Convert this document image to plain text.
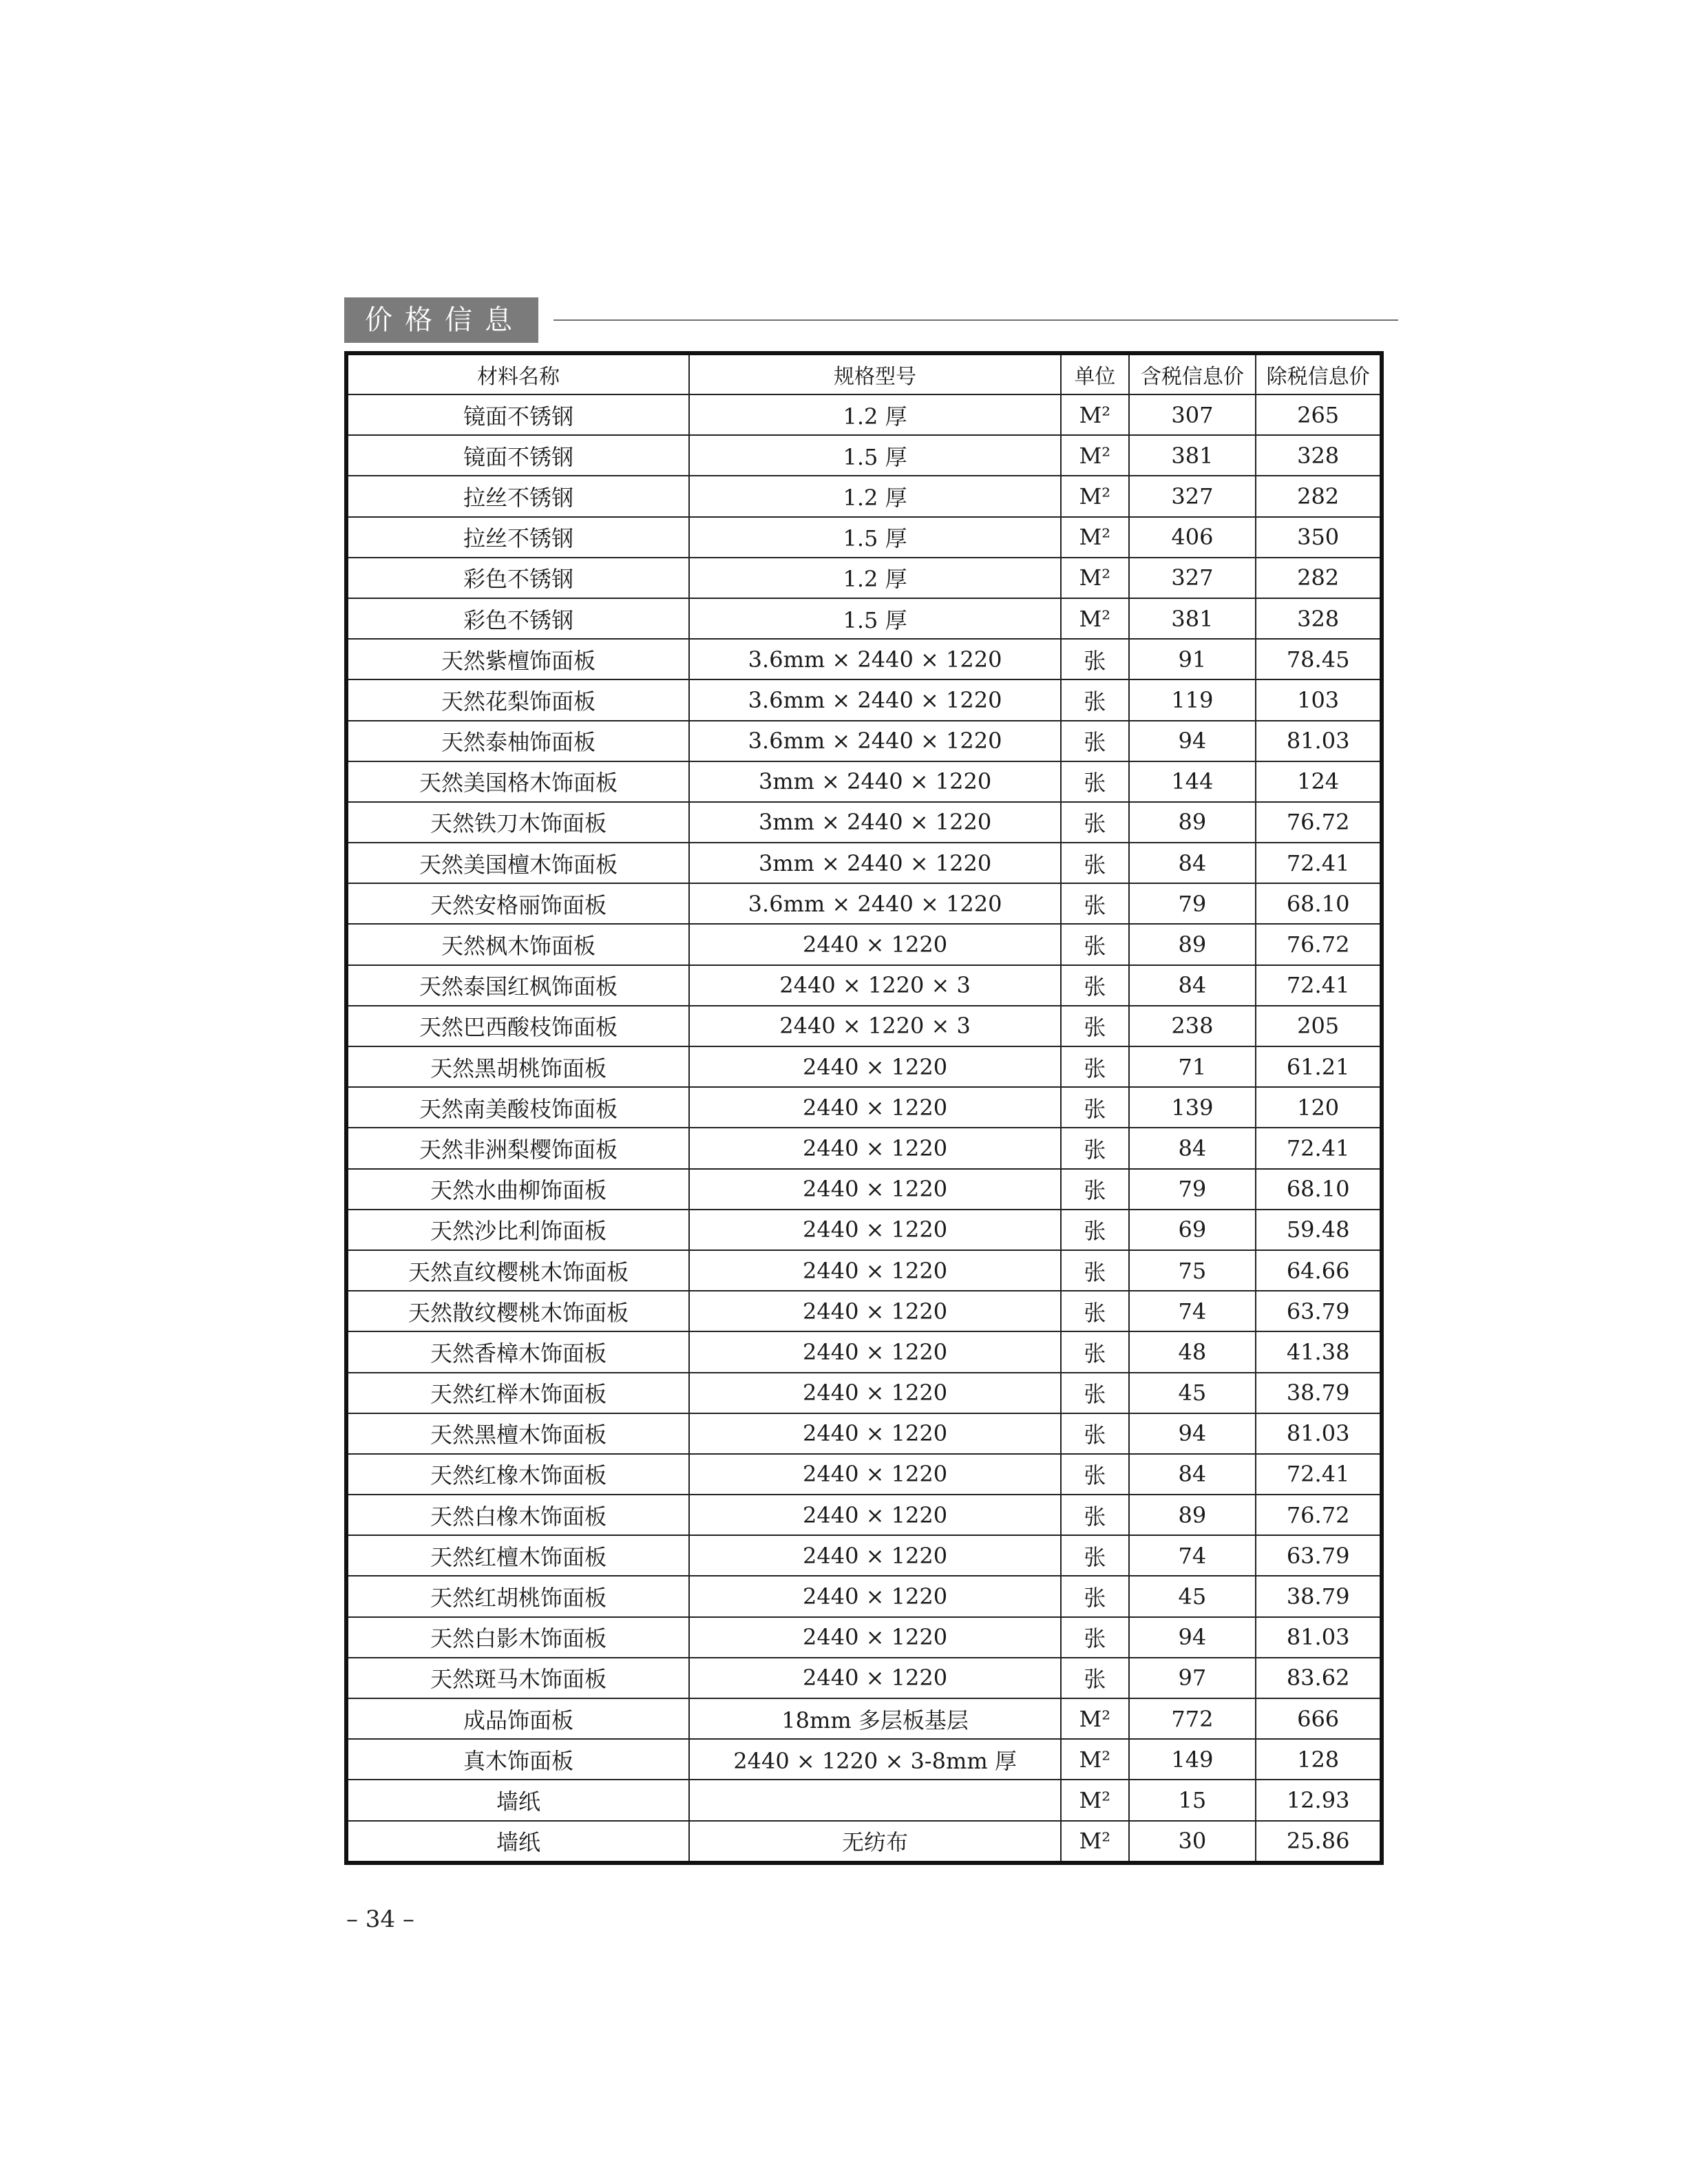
价格信息
材料名称	规格型号	单位	含税信息价	除税信息价
镜面不锈钢	1.2 厚	M²	307	265
镜面不锈钢	1.5 厚	M²	381	328
拉丝不锈钢	1.2 厚	M²	327	282
拉丝不锈钢	1.5 厚	M²	406	350
彩色不锈钢	1.2 厚	M²	327	282
彩色不锈钢	1.5 厚	M²	381	328
天然紫檀饰面板	3.6mm × 2440 × 1220	张	91	78.45
天然花梨饰面板	3.6mm × 2440 × 1220	张	119	103
天然泰柚饰面板	3.6mm × 2440 × 1220	张	94	81.03
天然美国格木饰面板	3mm × 2440 × 1220	张	144	124
天然铁刀木饰面板	3mm × 2440 × 1220	张	89	76.72
天然美国檀木饰面板	3mm × 2440 × 1220	张	84	72.41
天然安格丽饰面板	3.6mm × 2440 × 1220	张	79	68.10
天然枫木饰面板	2440 × 1220	张	89	76.72
天然泰国红枫饰面板	2440 × 1220 × 3	张	84	72.41
天然巴西酸枝饰面板	2440 × 1220 × 3	张	238	205
天然黑胡桃饰面板	2440 × 1220	张	71	61.21
天然南美酸枝饰面板	2440 × 1220	张	139	120
天然非洲梨樱饰面板	2440 × 1220	张	84	72.41
天然水曲柳饰面板	2440 × 1220	张	79	68.10
天然沙比利饰面板	2440 × 1220	张	69	59.48
天然直纹樱桃木饰面板	2440 × 1220	张	75	64.66
天然散纹樱桃木饰面板	2440 × 1220	张	74	63.79
天然香樟木饰面板	2440 × 1220	张	48	41.38
天然红榉木饰面板	2440 × 1220	张	45	38.79
天然黑檀木饰面板	2440 × 1220	张	94	81.03
天然红橡木饰面板	2440 × 1220	张	84	72.41
天然白橡木饰面板	2440 × 1220	张	89	76.72
天然红檀木饰面板	2440 × 1220	张	74	63.79
天然红胡桃饰面板	2440 × 1220	张	45	38.79
天然白影木饰面板	2440 × 1220	张	94	81.03
天然斑马木饰面板	2440 × 1220	张	97	83.62
成品饰面板	18mm 多层板基层	M²	772	666
真木饰面板	2440 × 1220 × 3-8mm 厚	M²	149	128
墙纸		M²	15	12.93
墙纸	无纺布	M²	30	25.86
– 34 –
